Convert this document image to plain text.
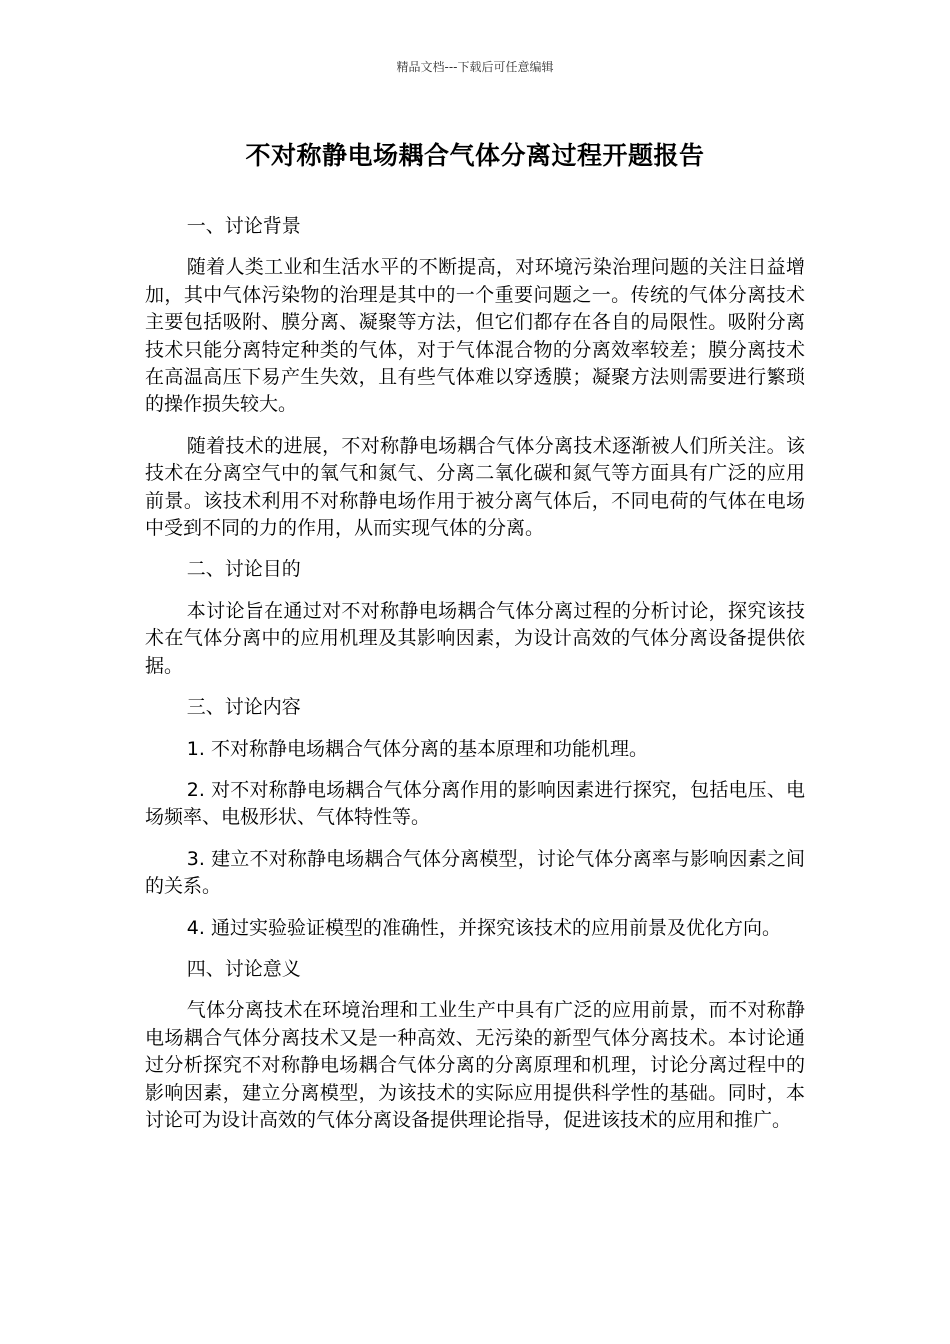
精品文档---下载后可任意编辑
不对称静电场耦合气体分离过程开题报告
一、讨论背景
随着人类工业和生活水平的不断提高，对环境污染治理问题的关注日益增加，其中气体污染物的治理是其中的一个重要问题之一。传统的气体分离技术主要包括吸附、膜分离、凝聚等方法，但它们都存在各自的局限性。吸附分离技术只能分离特定种类的气体，对于气体混合物的分离效率较差；膜分离技术在高温高压下易产生失效，且有些气体难以穿透膜；凝聚方法则需要进行繁琐的操作损失较大。
随着技术的进展，不对称静电场耦合气体分离技术逐渐被人们所关注。该技术在分离空气中的氧气和氮气、分离二氧化碳和氮气等方面具有广泛的应用前景。该技术利用不对称静电场作用于被分离气体后，不同电荷的气体在电场中受到不同的力的作用，从而实现气体的分离。
二、讨论目的
本讨论旨在通过对不对称静电场耦合气体分离过程的分析讨论，探究该技术在气体分离中的应用机理及其影响因素，为设计高效的气体分离设备提供依据。
三、讨论内容
1. 不对称静电场耦合气体分离的基本原理和功能机理。
2. 对不对称静电场耦合气体分离作用的影响因素进行探究，包括电压、电场频率、电极形状、气体特性等。
3. 建立不对称静电场耦合气体分离模型，讨论气体分离率与影响因素之间的关系。
4. 通过实验验证模型的准确性，并探究该技术的应用前景及优化方向。
四、讨论意义
气体分离技术在环境治理和工业生产中具有广泛的应用前景，而不对称静电场耦合气体分离技术又是一种高效、无污染的新型气体分离技术。本讨论通过分析探究不对称静电场耦合气体分离的分离原理和机理，讨论分离过程中的影响因素，建立分离模型，为该技术的实际应用提供科学性的基础。同时，本讨论可为设计高效的气体分离设备提供理论指导，促进该技术的应用和推广。
